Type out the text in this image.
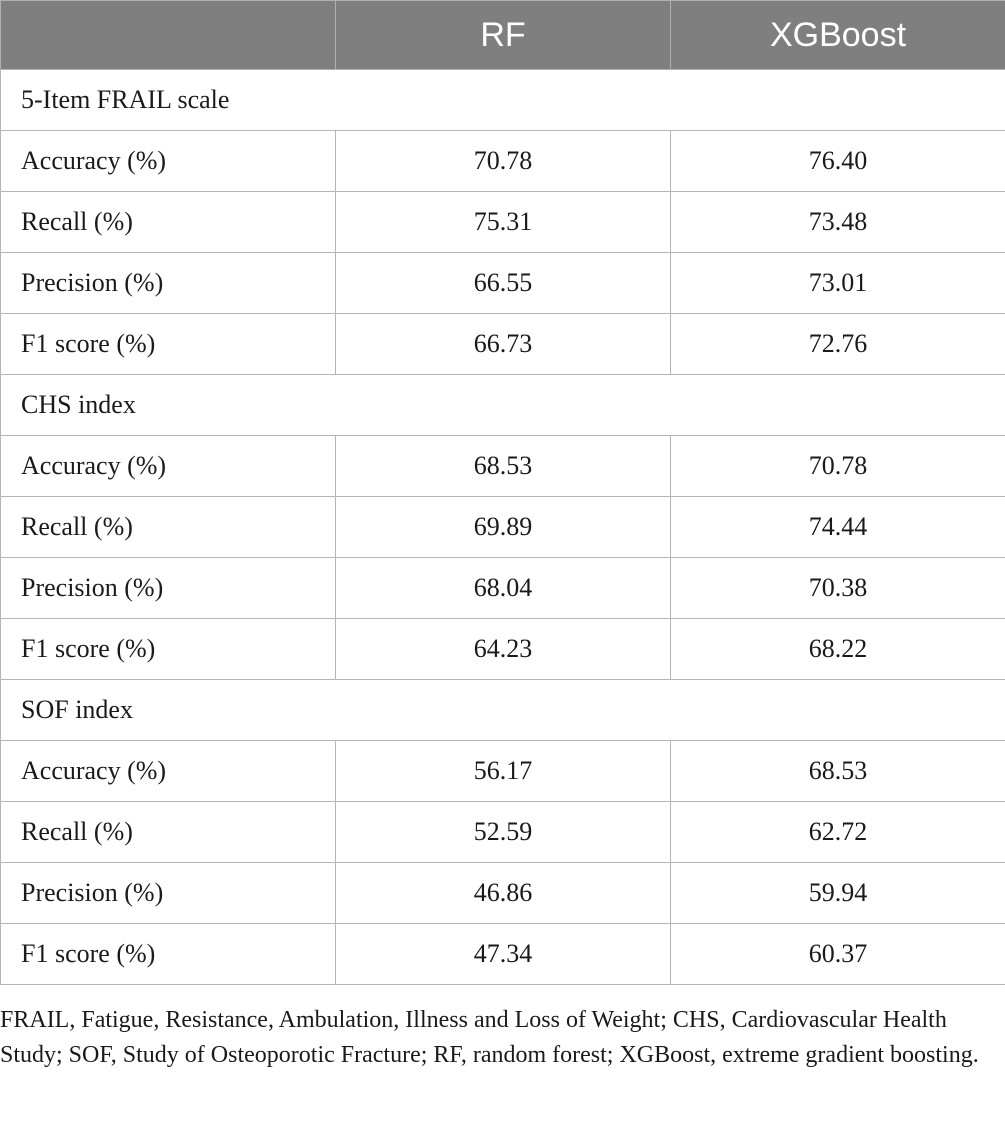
	RF	XGBoost
5-Item FRAIL scale		
Accuracy (%)	70.78	76.40
Recall (%)	75.31	73.48
Precision (%)	66.55	73.01
F1 score (%)	66.73	72.76
CHS index		
Accuracy (%)	68.53	70.78
Recall (%)	69.89	74.44
Precision (%)	68.04	70.38
F1 score (%)	64.23	68.22
SOF index		
Accuracy (%)	56.17	68.53
Recall (%)	52.59	62.72
Precision (%)	46.86	59.94
F1 score (%)	47.34	60.37
FRAIL, Fatigue, Resistance, Ambulation, Illness and Loss of Weight; CHS, Cardiovascular Health Study; SOF, Study of Osteoporotic Fracture; RF, random forest; XGBoost, extreme gradient boosting.
